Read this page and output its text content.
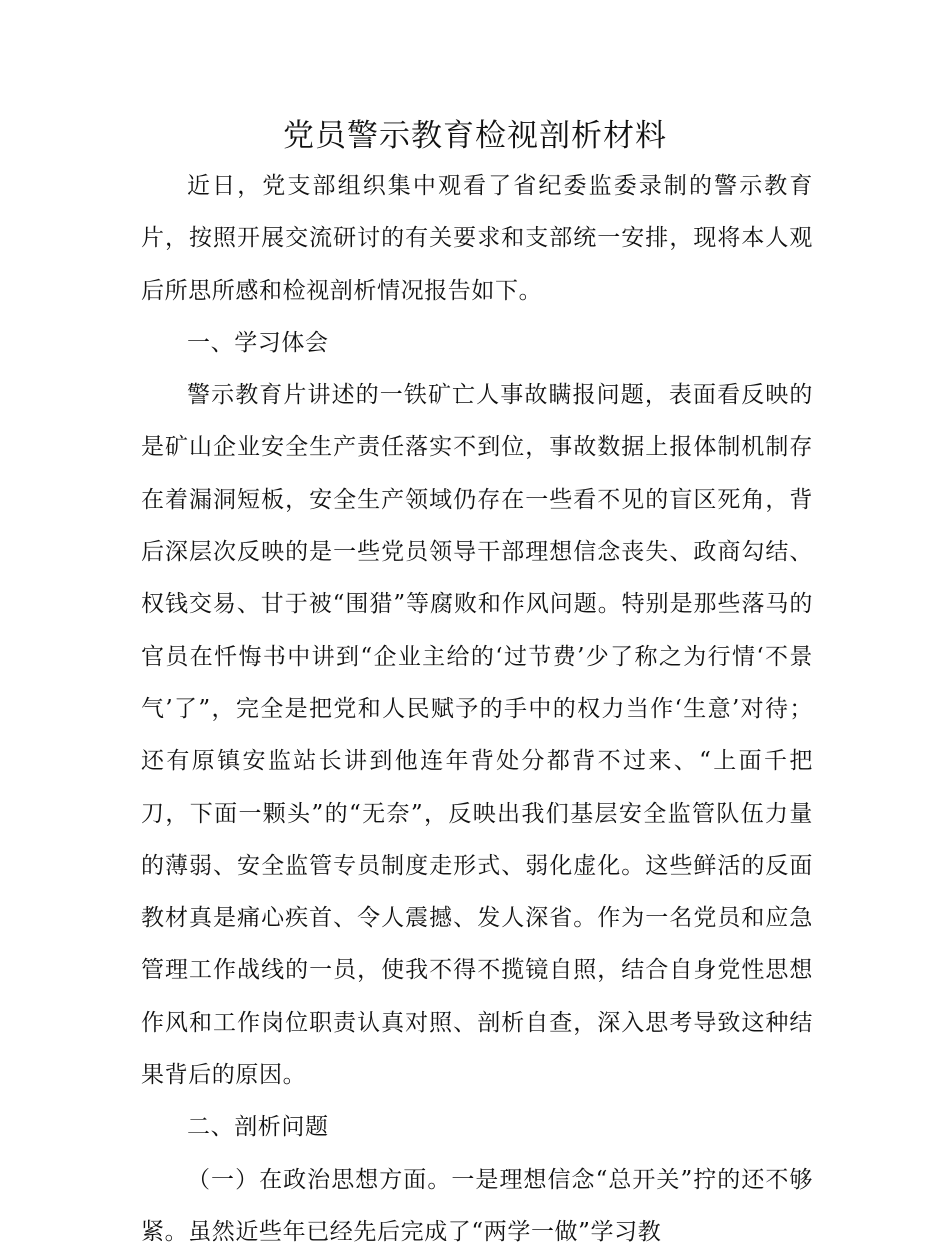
党员警示教育检视剖析材料

近日，党支部组织集中观看了省纪委监委录制的警示教育片，按照开展交流研讨的有关要求和支部统一安排，现将本人观后所思所感和检视剖析情况报告如下。

一、学习体会

警示教育片讲述的一铁矿亡人事故瞒报问题，表面看反映的是矿山企业安全生产责任落实不到位，事故数据上报体制机制存在着漏洞短板，安全生产领域仍存在一些看不见的盲区死角，背后深层次反映的是一些党员领导干部理想信念丧失、政商勾结、权钱交易、甘于被“围猎”等腐败和作风问题。特别是那些落马的官员在忏悔书中讲到“企业主给的‘过节费’少了称之为行情‘不景气’了”，完全是把党和人民赋予的手中的权力当作‘生意’对待；还有原镇安监站长讲到他连年背处分都背不过来、“上面千把刀，下面一颗头”的“无奈”，反映出我们基层安全监管队伍力量的薄弱、安全监管专员制度走形式、弱化虚化。这些鲜活的反面教材真是痛心疾首、令人震撼、发人深省。作为一名党员和应急管理工作战线的一员，使我不得不揽镜自照，结合自身党性思想作风和工作岗位职责认真对照、剖析自查，深入思考导致这种结果背后的原因。

二、剖析问题

（一）在政治思想方面。一是理想信念“总开关”拧的还不够紧。虽然近些年已经先后完成了“两学一做”学习教
